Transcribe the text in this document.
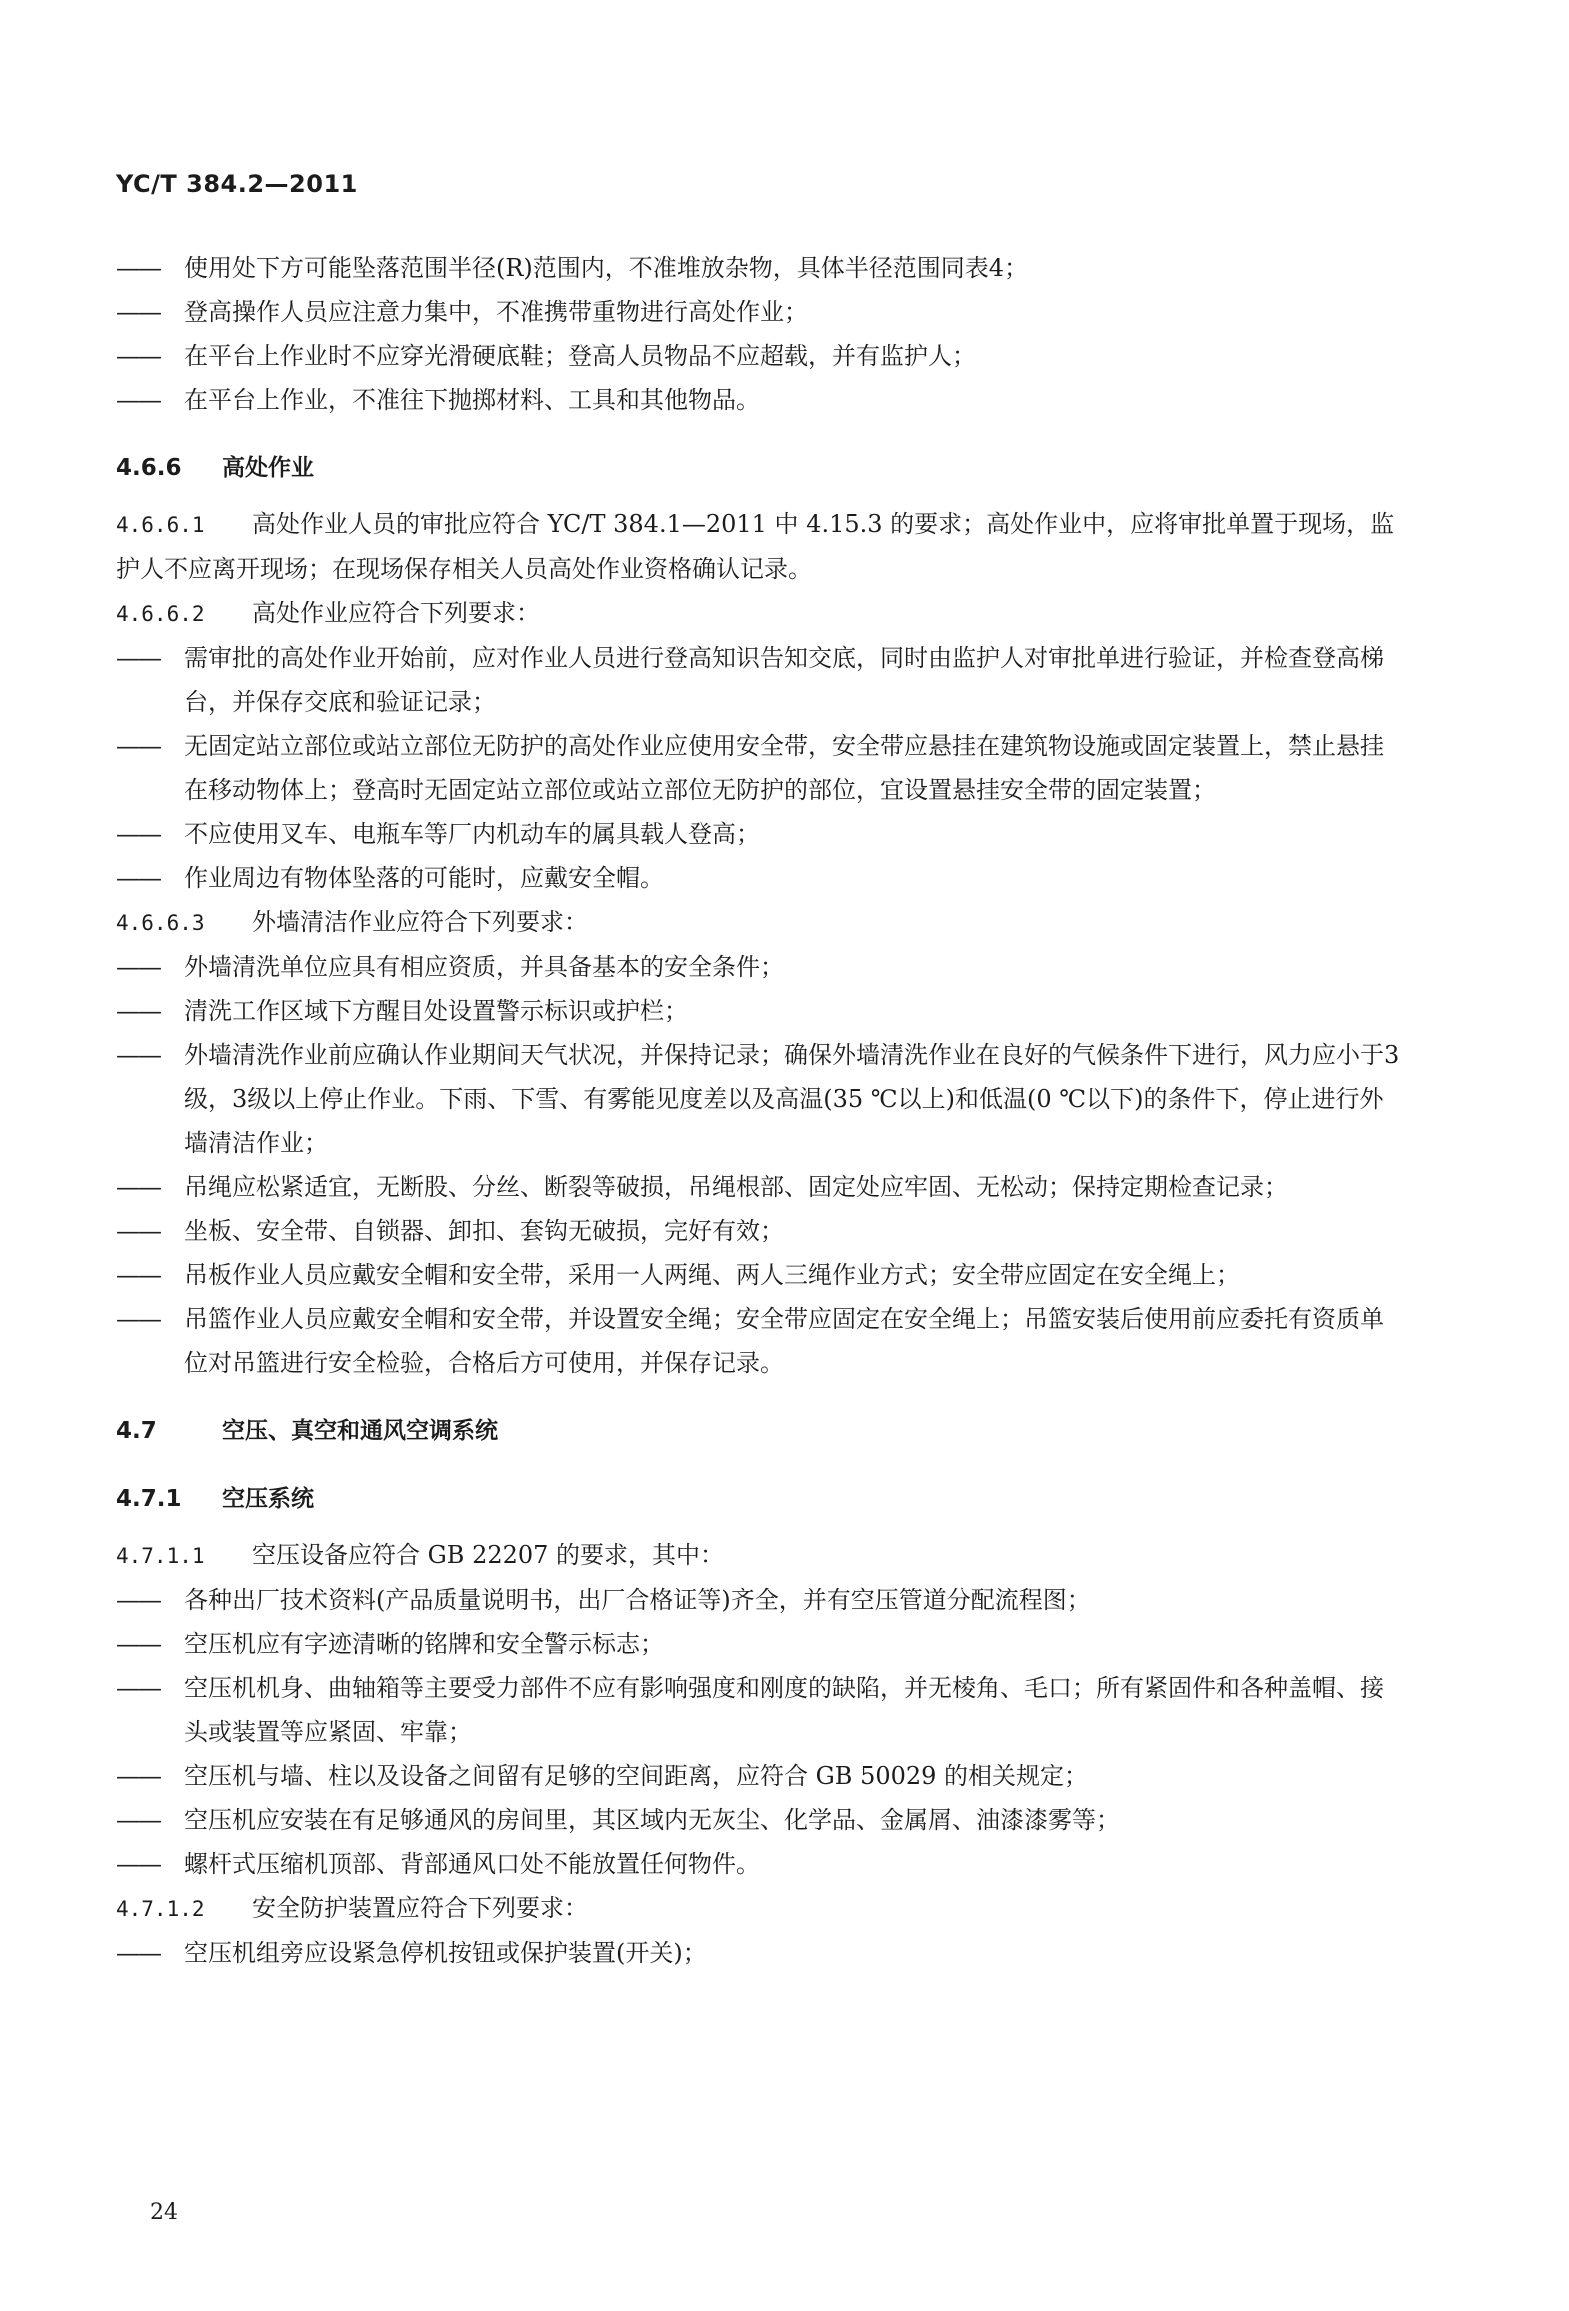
YC/T 384.2—2011

—— 使用处下方可能坠落范围半径(R)范围内，不准堆放杂物，具体半径范围同表4；

—— 登高操作人员应注意力集中，不准携带重物进行高处作业；

—— 在平台上作业时不应穿光滑硬底鞋；登高人员物品不应超载，并有监护人；

—— 在平台上作业，不准往下抛掷材料、工具和其他物品。

4.6.6 高处作业

4.6.6.1 高处作业人员的审批应符合 YC/T 384.1—2011 中 4.15.3 的要求；高处作业中，应将审批单置于现场，监护人不应离开现场；在现场保存相关人员高处作业资格确认记录。

4.6.6.2 高处作业应符合下列要求：

—— 需审批的高处作业开始前，应对作业人员进行登高知识告知交底，同时由监护人对审批单进行验证，并检查登高梯台，并保存交底和验证记录；

—— 无固定站立部位或站立部位无防护的高处作业应使用安全带，安全带应悬挂在建筑物设施或固定装置上，禁止悬挂在移动物体上；登高时无固定站立部位或站立部位无防护的部位，宜设置悬挂安全带的固定装置；

—— 不应使用叉车、电瓶车等厂内机动车的属具载人登高；

—— 作业周边有物体坠落的可能时，应戴安全帽。

4.6.6.3 外墙清洁作业应符合下列要求：

—— 外墙清洗单位应具有相应资质，并具备基本的安全条件；

—— 清洗工作区域下方醒目处设置警示标识或护栏；

—— 外墙清洗作业前应确认作业期间天气状况，并保持记录；确保外墙清洗作业在良好的气候条件下进行，风力应小于3级，3级以上停止作业。下雨、下雪、有雾能见度差以及高温(35 ℃以上)和低温(0 ℃以下)的条件下，停止进行外墙清洁作业；

—— 吊绳应松紧适宜，无断股、分丝、断裂等破损，吊绳根部、固定处应牢固、无松动；保持定期检查记录；

—— 坐板、安全带、自锁器、卸扣、套钩无破损，完好有效；

—— 吊板作业人员应戴安全帽和安全带，采用一人两绳、两人三绳作业方式；安全带应固定在安全绳上；

—— 吊篮作业人员应戴安全帽和安全带，并设置安全绳；安全带应固定在安全绳上；吊篮安装后使用前应委托有资质单位对吊篮进行安全检验，合格后方可使用，并保存记录。

4.7	空压、真空和通风空调系统

4.7.1 空压系统

4.7.1.1 空压设备应符合 GB 22207 的要求，其中：

—— 各种出厂技术资料(产品质量说明书，出厂合格证等)齐全，并有空压管道分配流程图；

—— 空压机应有字迹清晰的铭牌和安全警示标志；

—— 空压机机身、曲轴箱等主要受力部件不应有影响强度和刚度的缺陷，并无棱角、毛口；所有紧固件和各种盖帽、接头或装置等应紧固、牢靠；

—— 空压机与墙、柱以及设备之间留有足够的空间距离，应符合 GB 50029 的相关规定；

—— 空压机应安装在有足够通风的房间里，其区域内无灰尘、化学品、金属屑、油漆漆雾等；

—— 螺杆式压缩机顶部、背部通风口处不能放置任何物件。

4.7.1.2 安全防护装置应符合下列要求：

—— 空压机组旁应设紧急停机按钮或保护装置(开关)；

24
